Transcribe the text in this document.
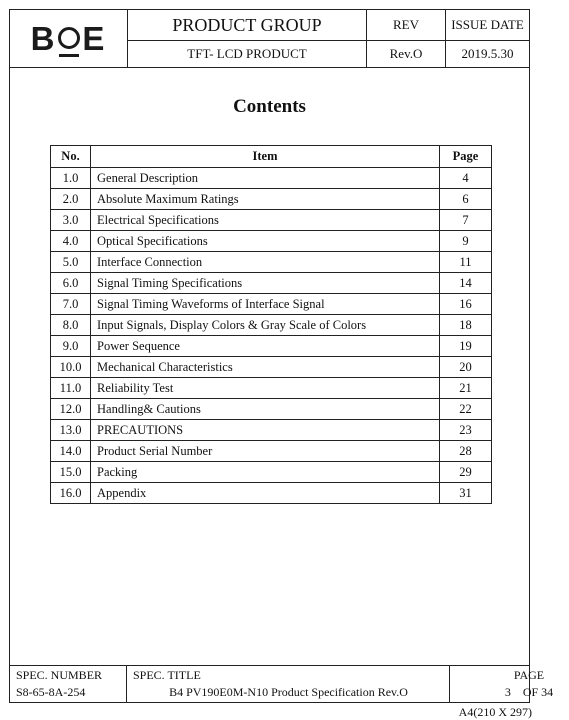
B E	PRODUCT GROUP	REV	ISSUE DATE
TFT- LCD PRODUCT	Rev.O	2019.5.30
Contents
No.	Item	Page
1.0	General Description	4
2.0	Absolute Maximum Ratings	6
3.0	Electrical Specifications	7
4.0	Optical Specifications	9
5.0	Interface Connection	11
6.0	Signal Timing Specifications	14
7.0	Signal Timing Waveforms of Interface Signal	16
8.0	Input Signals, Display Colors & Gray Scale of Colors	18
9.0	Power Sequence	19
10.0	Mechanical Characteristics	20
11.0	Reliability Test	21
12.0	Handling& Cautions	22
13.0	PRECAUTIONS	23
14.0	Product Serial Number	28
15.0	Packing	29
16.0	Appendix	31
SPEC. NUMBER
S8-65-8A-254
SPEC. TITLE
B4 PV190E0M-N10 Product Specification Rev.O
PAGE
3    OF 34
A4(210 X 297)
